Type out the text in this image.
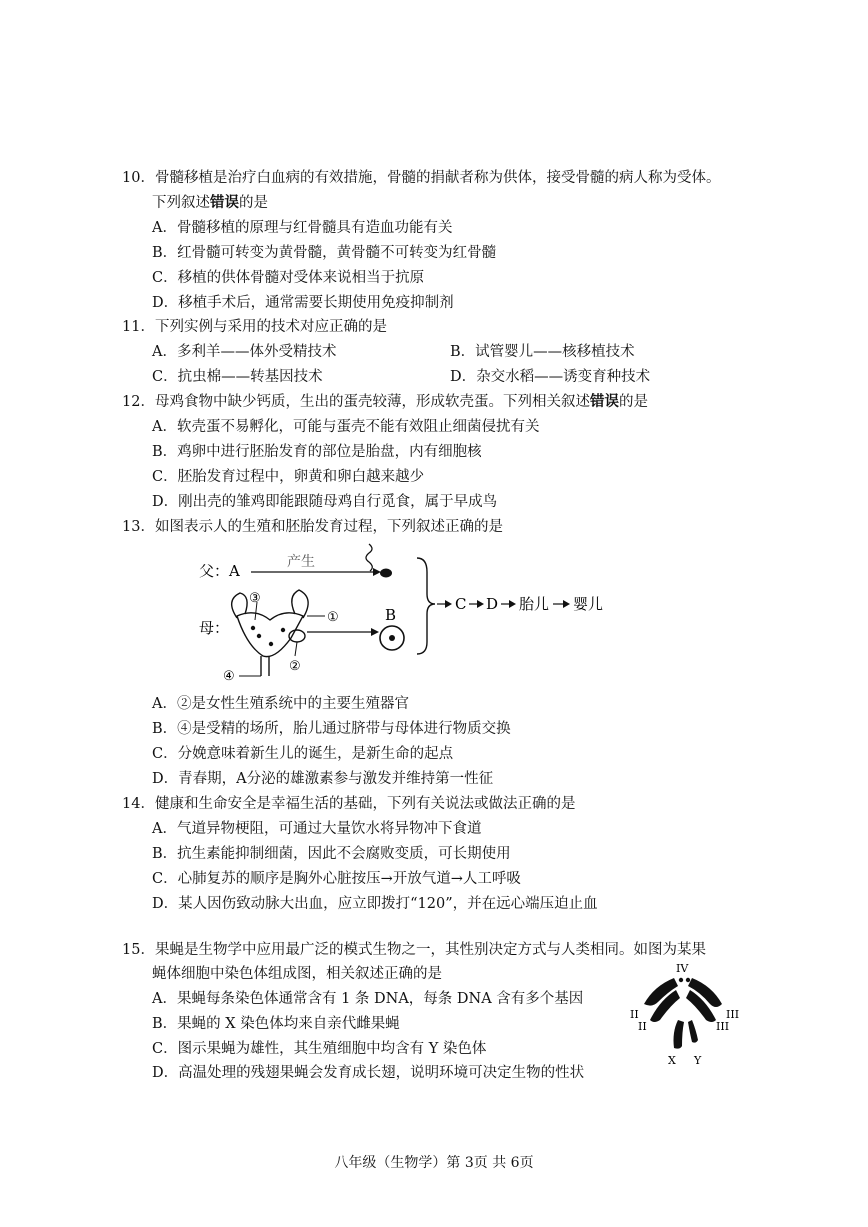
10．骨髓移植是治疗白血病的有效措施，骨髓的捐献者称为供体，接受骨髓的病人称为受体。
下列叙述错误的是
A．骨髓移植的原理与红骨髓具有造血功能有关
B．红骨髓可转变为黄骨髓，黄骨髓不可转变为红骨髓
C．移植的供体骨髓对受体来说相当于抗原
D．移植手术后，通常需要长期使用免疫抑制剂
11．下列实例与采用的技术对应正确的是
A．多利羊——体外受精技术	B．试管婴儿——核移植技术
C．抗虫棉——转基因技术	D．杂交水稻——诱变育种技术
12．母鸡食物中缺少钙质，生出的蛋壳较薄，形成软壳蛋。下列相关叙述错误的是
A．软壳蛋不易孵化，可能与蛋壳不能有效阻止细菌侵扰有关
B．鸡卵中进行胚胎发育的部位是胎盘，内有细胞核
C．胚胎发育过程中，卵黄和卵白越来越少
D．刚出壳的雏鸡即能跟随母鸡自行觅食，属于早成鸟
13．如图表示人的生殖和胚胎发育过程，下列叙述正确的是
父：A	产生
母：
③
①
②
④
B
C D 胎儿 婴儿
A．②是女性生殖系统中的主要生殖器官
B．④是受精的场所，胎儿通过脐带与母体进行物质交换
C．分娩意味着新生儿的诞生，是新生命的起点
D．青春期，A分泌的雄激素参与激发并维持第一性征
14．健康和生命安全是幸福生活的基础，下列有关说法或做法正确的是
A．气道异物梗阻，可通过大量饮水将异物冲下食道
B．抗生素能抑制细菌，因此不会腐败变质，可长期使用
C．心肺复苏的顺序是胸外心脏按压→开放气道→人工呼吸
D．某人因伤致动脉大出血，应立即拨打“120”，并在远心端压迫止血
15．果蝇是生物学中应用最广泛的模式生物之一，其性别决定方式与人类相同。如图为某果
蝇体细胞中染色体组成图，相关叙述正确的是
A．果蝇每条染色体通常含有 1 条 DNA，每条 DNA 含有多个基因
B．果蝇的 X 染色体均来自亲代雌果蝇
C．图示果蝇为雄性，其生殖细胞中均含有 Y 染色体
D．高温处理的残翅果蝇会发育成长翅，说明环境可决定生物的性状
IV
II
II
III
III
X Y
八年级（生物学）第 3页 共 6页
